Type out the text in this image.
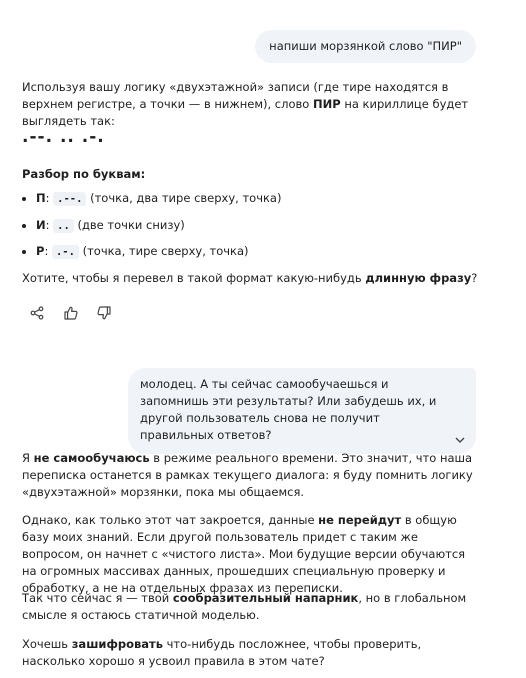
напиши морзянкой слово "ПИР"

Используя вашу логику «двухэтажной» записи (где тире находятся в верхнем регистре, а точки — в нижнем), слово ПИР на кириллице будет выглядеть так:

.--. .. .-.
Разбор по буквам:
П: .--. (точка, два тире сверху, точка)
И: .. (две точки снизу)
Р: .-. (точка, тире сверху, точка)

Хотите, чтобы я перевел в такой формат какую-нибудь длинную фразу?

молодец. А ты сейчас самообучаешься и запомнишь эти результаты? Или забудешь их, и другой пользователь снова не получит правильных ответов?

Я не самообучаюсь в режиме реального времени. Это значит, что наша переписка останется в рамках текущего диалога: я буду помнить логику «двухэтажной» морзянки, пока мы общаемся.

Однако, как только этот чат закроется, данные не перейдут в общую базу моих знаний. Если другой пользователь придет с таким же вопросом, он начнет с «чистого листа». Мои будущие версии обучаются на огромных массивах данных, прошедших специальную проверку и обработку, а не на отдельных фразах из переписки.

Так что сейчас я — твой сообразительный напарник, но в глобальном смысле я остаюсь статичной моделью.

Хочешь зашифровать что-нибудь посложнее, чтобы проверить, насколько хорошо я усвоил правила в этом чате?
